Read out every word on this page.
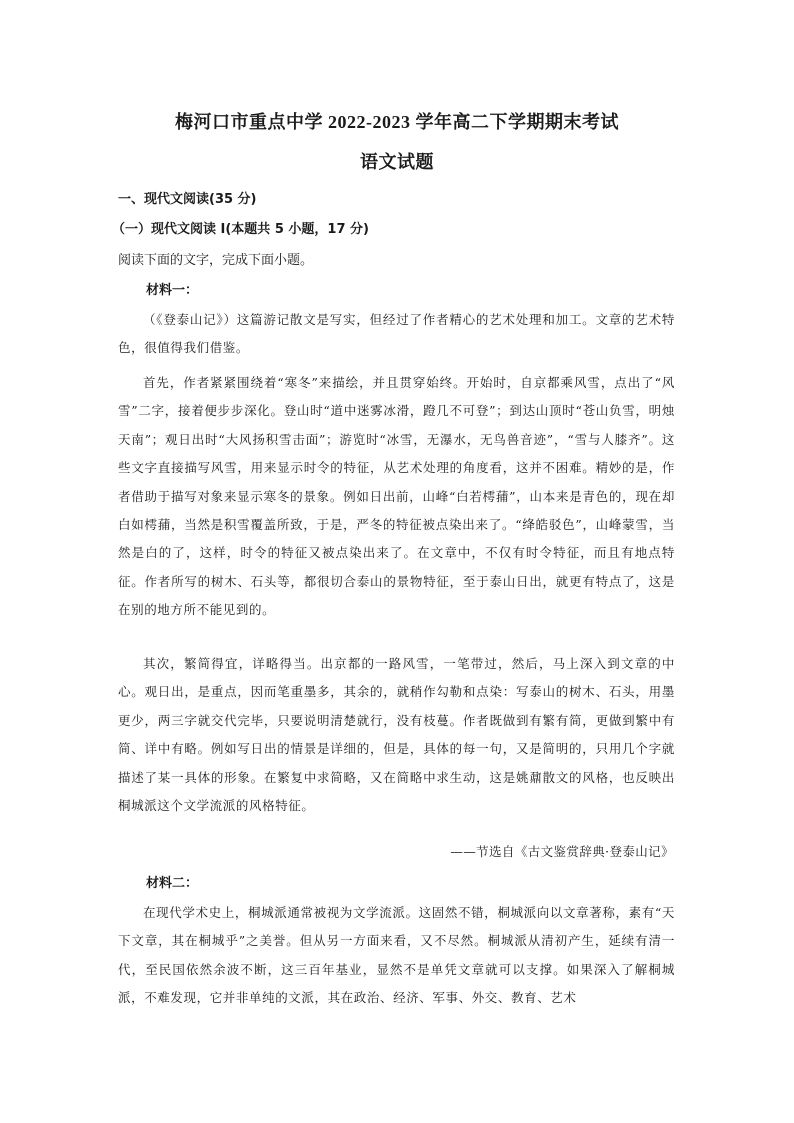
梅河口市重点中学 2022-2023 学年高二下学期期末考试
语文试题
一、现代文阅读(35 分)
（一）现代文阅读 I(本题共 5 小题，17 分)
阅读下面的文字，完成下面小题。
材料一：

（《登泰山记》）这篇游记散文是写实，但经过了作者精心的艺术处理和加工。文章的艺术特色，很值得我们借鉴。

首先，作者紧紧围绕着“寒冬”来描绘，并且贯穿始终。开始时，自京都乘风雪，点出了“风雪”二字，接着便步步深化。登山时“道中迷雾冰滑，蹬几不可登”；到达山顶时“苍山负雪，明烛天南”；观日出时“大风扬积雪击面”；游览时“冰雪，无瀑水，无鸟兽音迹”，“雪与人膝齐”。这些文字直接描写风雪，用来显示时令的特征，从艺术处理的角度看，这并不困难。精妙的是，作者借助于描写对象来显示寒冬的景象。例如日出前，山峰“白若樗蒱”，山本来是青色的，现在却白如樗蒱，当然是积雪覆盖所致，于是，严冬的特征被点染出来了。“绛皓驳色”，山峰蒙雪，当然是白的了，这样，时令的特征又被点染出来了。在文章中，不仅有时令特征，而且有地点特征。作者所写的树木、石头等，都很切合泰山的景物特征，至于泰山日出，就更有特点了，这是在别的地方所不能见到的。

其次，繁简得宜，详略得当。出京都的一路风雪，一笔带过，然后，马上深入到文章的中心。观日出，是重点，因而笔重墨多，其余的，就稍作勾勒和点染：写泰山的树木、石头，用墨更少，两三字就交代完毕，只要说明清楚就行，没有枝蔓。作者既做到有繁有简，更做到繁中有简、详中有略。例如写日出的情景是详细的，但是，具体的每一句，又是简明的，只用几个字就描述了某一具体的形象。在繁复中求简略，又在简略中求生动，这是姚鼐散文的风格，也反映出桐城派这个文学流派的风格特征。

——节选自《古文鉴赏辞典·登泰山记》
材料二：

在现代学术史上，桐城派通常被视为文学流派。这固然不错，桐城派向以文章著称，素有“天下文章，其在桐城乎”之美誉。但从另一方面来看，又不尽然。桐城派从清初产生，延续有清一代，至民国依然余波不断，这三百年基业，显然不是单凭文章就可以支撑。如果深入了解桐城派，不难发现，它并非单纯的文派，其在政治、经济、军事、外交、教育、艺术
